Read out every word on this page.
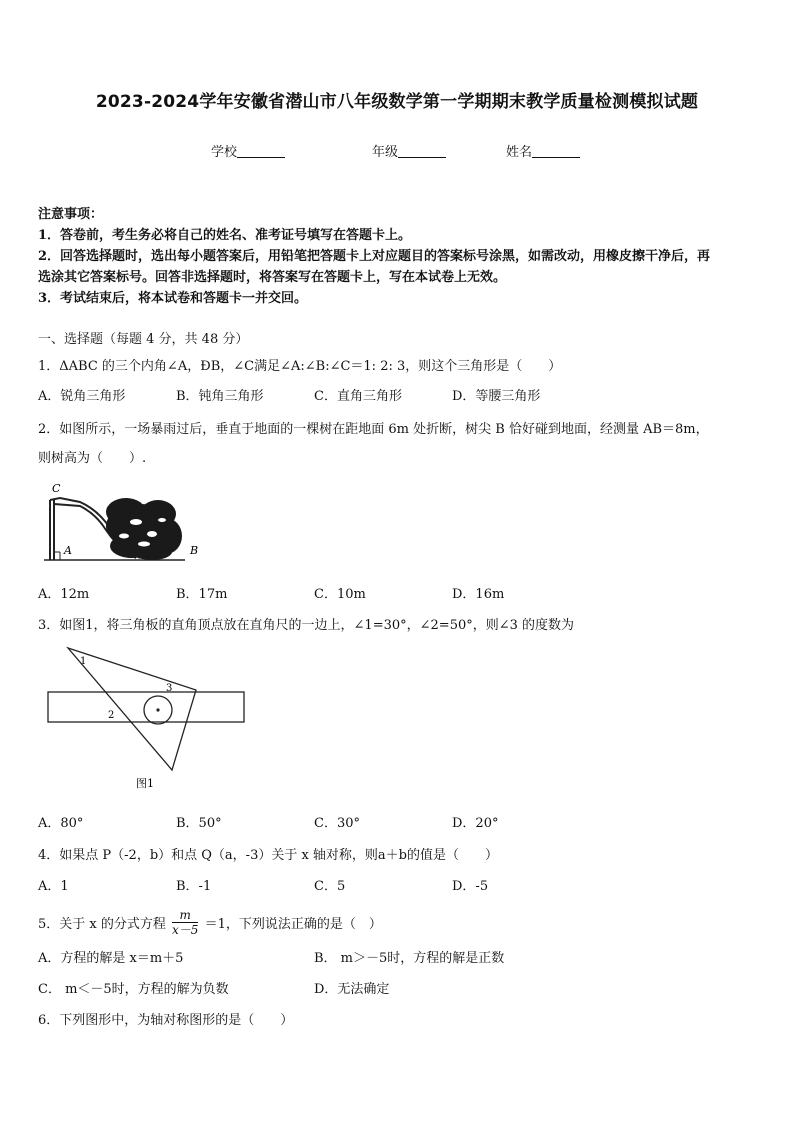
2023-2024学年安徽省潜山市八年级数学第一学期期末教学质量检测模拟试题
学校	年级	姓名
注意事项：
1．答卷前，考生务必将自己的姓名、准考证号填写在答题卡上。
2．回答选择题时，选出每小题答案后，用铅笔把答题卡上对应题目的答案标号涂黑，如需改动，用橡皮擦干净后，再
选涂其它答案标号。回答非选择题时，将答案写在答题卡上，写在本试卷上无效。
3．考试结束后，将本试卷和答题卡一并交回。
一、选择题（每题 4 分，共 48 分）
1．ΔABC 的三个内角∠A，ÐB，∠C满足∠A:∠B:∠C＝1: 2: 3，则这个三角形是（　　）
A．锐角三角形	B．钝角三角形	C．直角三角形	D．等腰三角形
2．如图所示，一场暴雨过后，垂直于地面的一棵树在距地面 6m 处折断，树尖 B 恰好碰到地面，经测量 AB＝8m，
则树高为（　　）.
C
A	B
A．12m	B．17m	C．10m	D．16m
3．如图1，将三角板的直角顶点放在直角尺的一边上，∠1=30°，∠2=50°，则∠3 的度数为
1
2
3
图1
A．80°	B．50°	C．30°	D．20°
4．如果点 P（-2，b）和点 Q（a，-3）关于 x 轴对称，则a＋b的值是（　　）
A．1	B．-1	C．5	D．-5
5．关于 x 的分式方程 $\frac{m}{x-5} =1$，下列说法正确的是（　）
A．方程的解是 x＝m＋5	B． m＞－5时，方程的解是正数
C． m＜－5时，方程的解为负数	D．无法确定
6．下列图形中，为轴对称图形的是（　　）
